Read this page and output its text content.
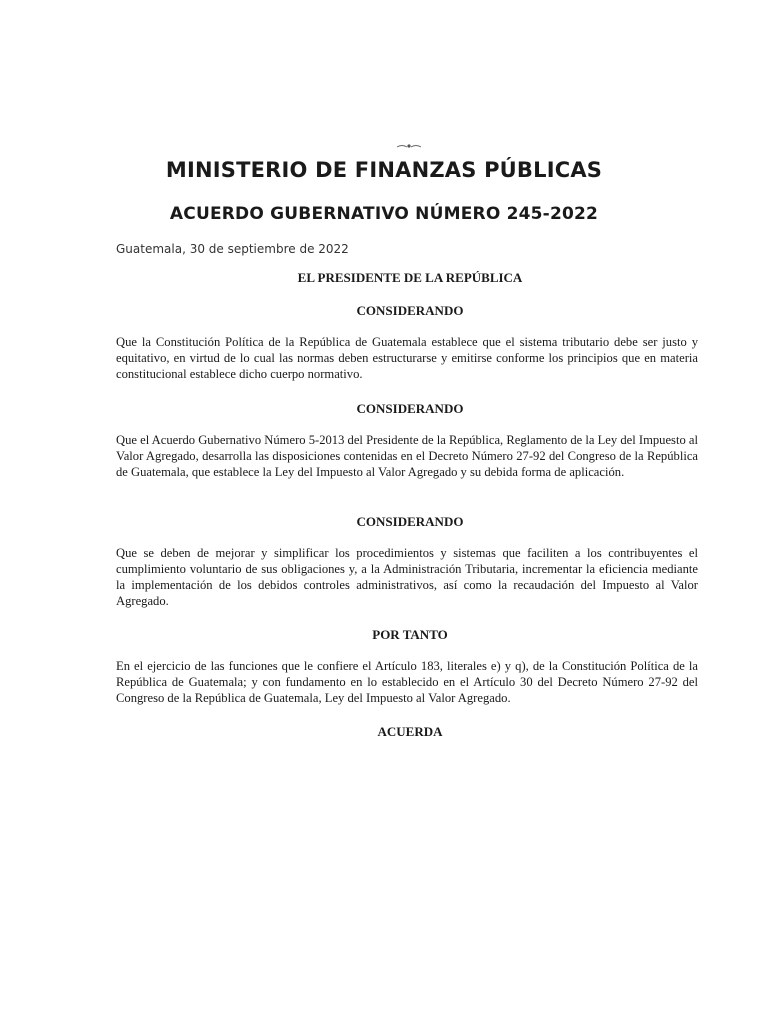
MINISTERIO DE FINANZAS PÚBLICAS
ACUERDO GUBERNATIVO NÚMERO 245-2022
Guatemala, 30 de septiembre de 2022
EL PRESIDENTE DE LA REPÚBLICA
CONSIDERANDO

Que la Constitución Política de la República de Guatemala establece que el sistema tributario debe ser justo y equitativo, en virtud de lo cual las normas deben estructurarse y emitirse conforme los principios que en materia constitucional establece dicho cuerpo normativo.

CONSIDERANDO

Que el Acuerdo Gubernativo Número 5-2013 del Presidente de la República, Reglamento de la Ley del Impuesto al Valor Agregado, desarrolla las disposiciones contenidas en el Decreto Número 27-92 del Congreso de la República de Guatemala, que establece la Ley del Impuesto al Valor Agregado y su debida forma de aplicación.

CONSIDERANDO

Que se deben de mejorar y simplificar los procedimientos y sistemas que faciliten a los contribuyentes el cumplimiento voluntario de sus obligaciones y, a la Administración Tributaria, incrementar la eficiencia mediante la implementación de los debidos controles administrativos, así como la recaudación del Impuesto al Valor Agregado.

POR TANTO

En el ejercicio de las funciones que le confiere el Artículo 183, literales e) y q), de la Constitución Política de la República de Guatemala; y con fundamento en lo establecido en el Artículo 30 del Decreto Número 27-92 del Congreso de la República de Guatemala, Ley del Impuesto al Valor Agregado.

ACUERDA
